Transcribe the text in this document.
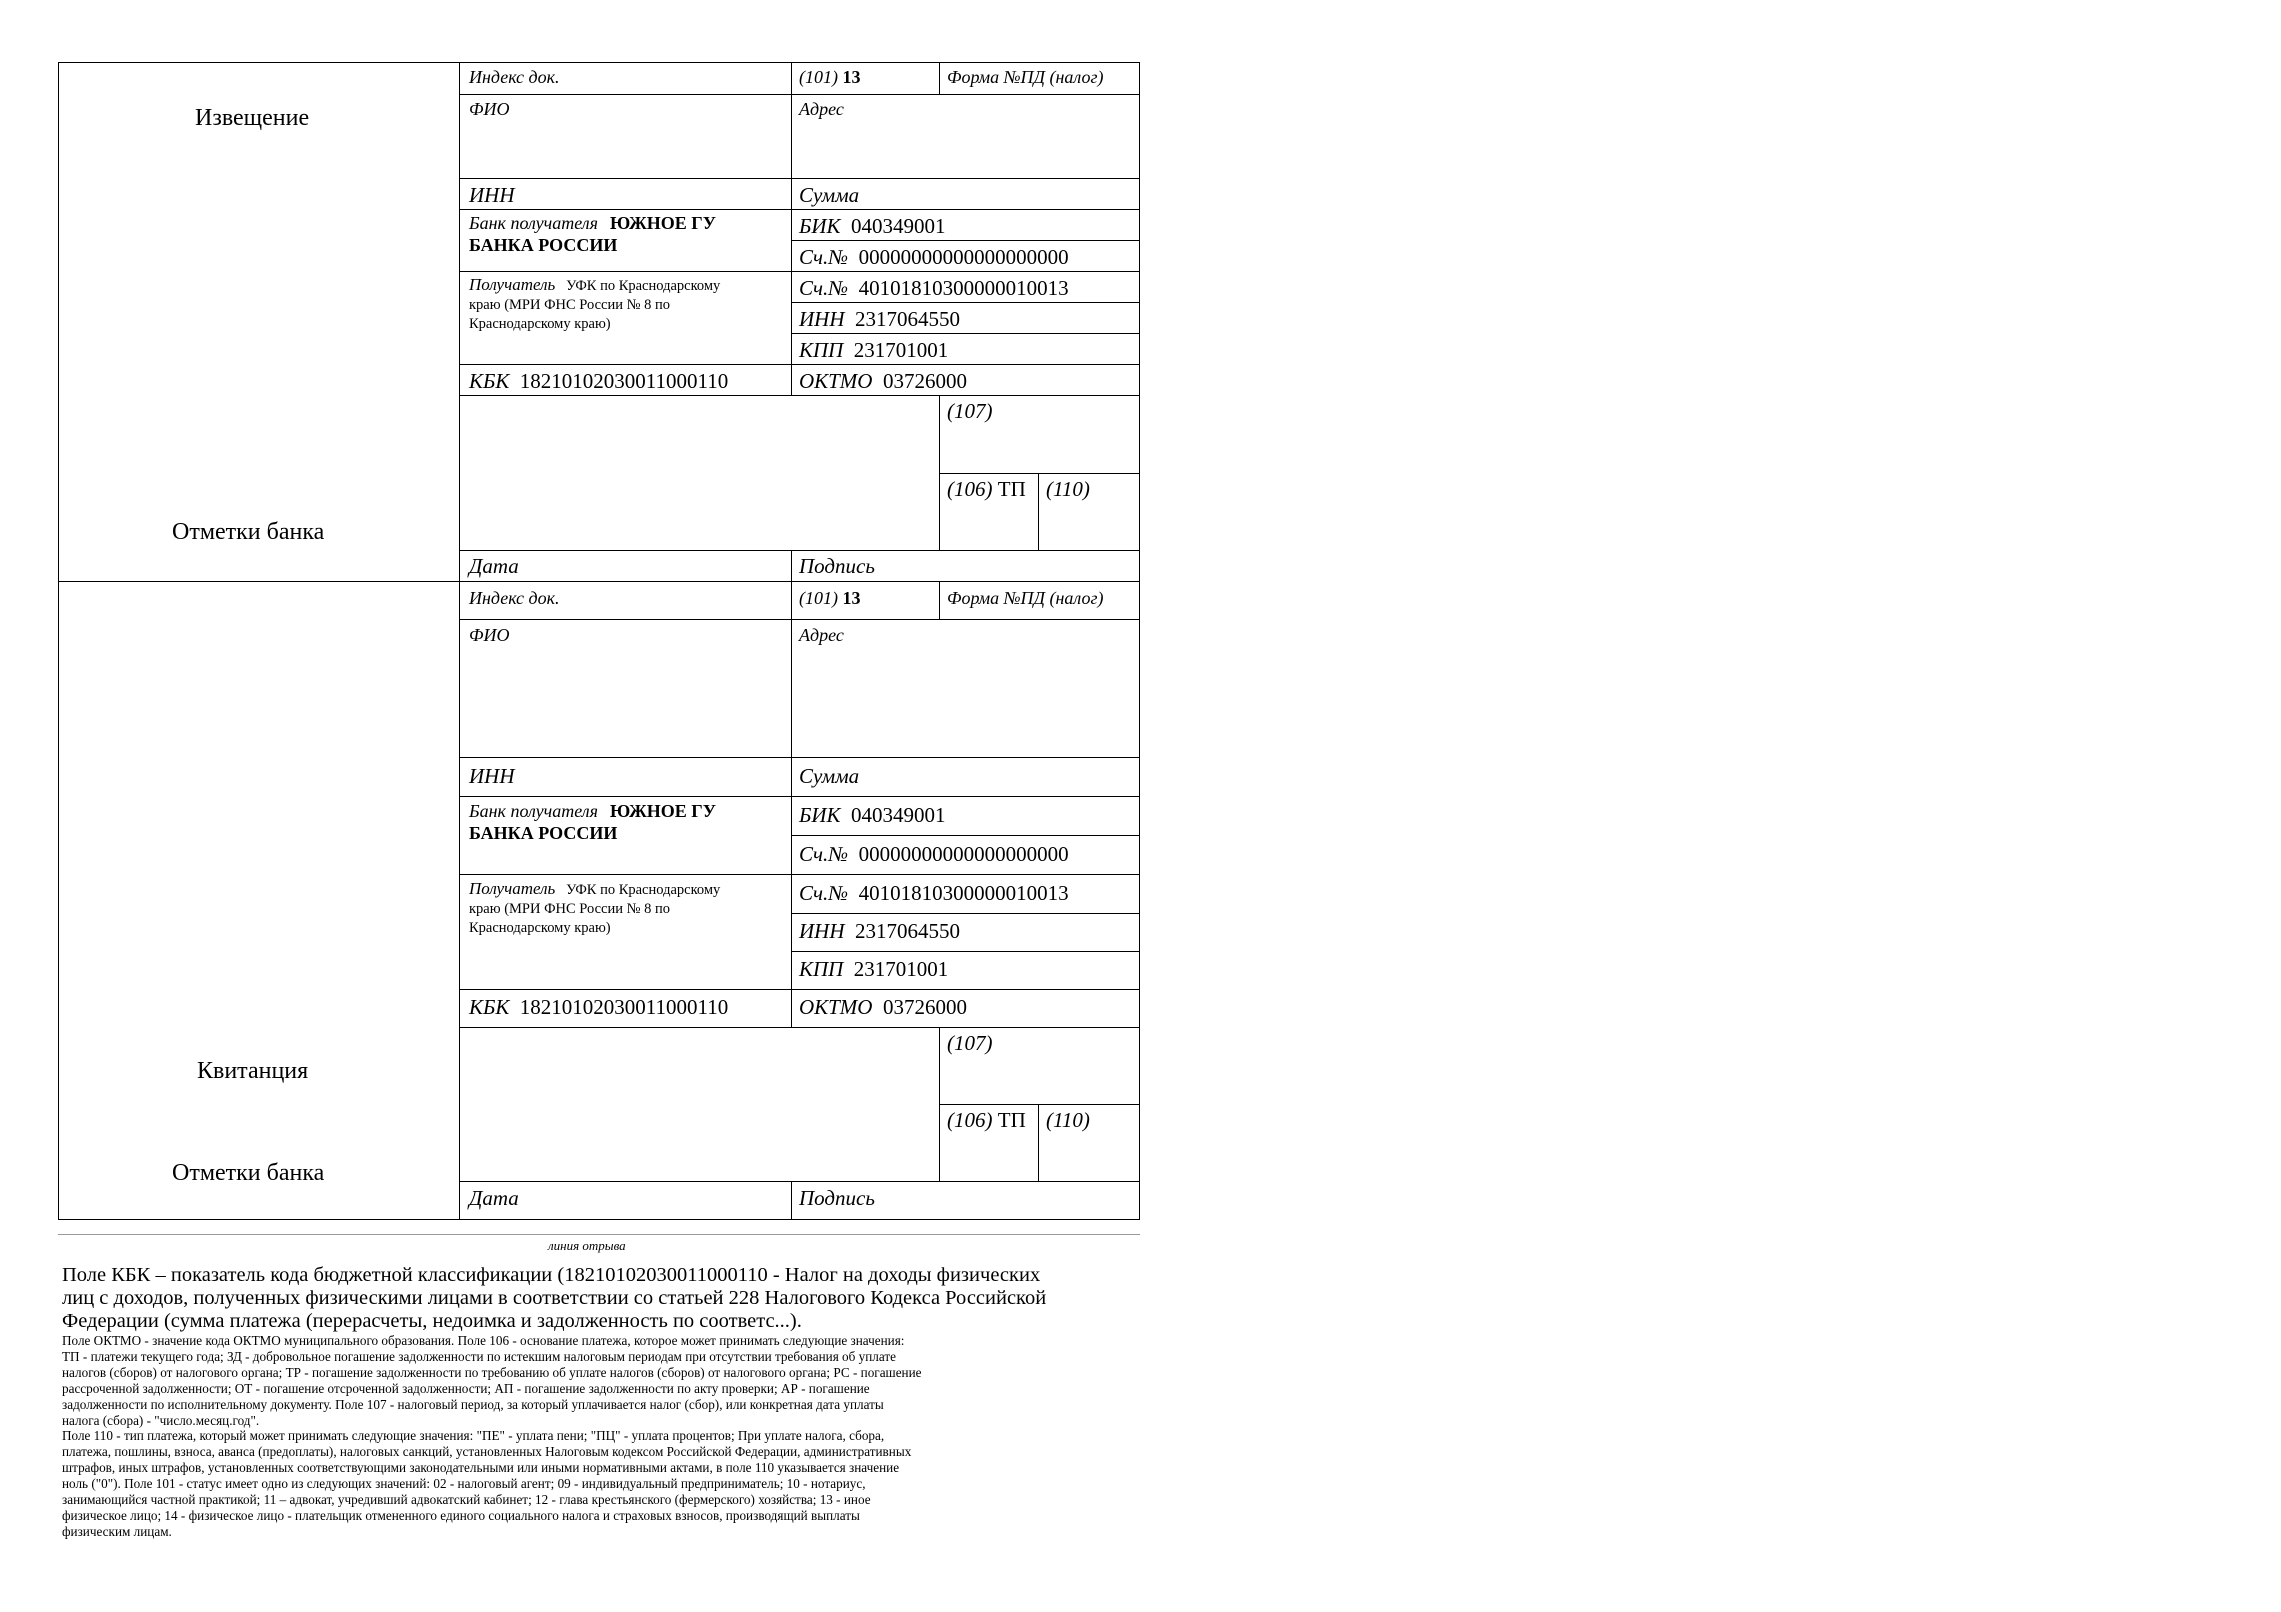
Извещение
Отметки банка
Индекс док.	(101) 13	Форма №ПД (налог)
ФИО	Адрес
ИНН	Сумма
Банк получателя ЮЖНОЕ ГУ
БАНКА РОССИИ
БИК 040349001
Сч.№ 00000000000000000000
Получатель УФК по Краснодарскому
краю (МРИ ФНС России № 8 по
Краснодарскому краю)
Сч.№ 40101810300000010013
ИНН 2317064550
КПП 231701001
КБК 18210102030011000110	ОКТМО 03726000
(107)
(106) ТП (110)
Дата	Подпись
Квитанция
Отметки банка
Индекс док.	(101) 13	Форма №ПД (налог)
ФИО	Адрес
ИНН	Сумма
Банк получателя ЮЖНОЕ ГУ
БАНКА РОССИИ
БИК 040349001
Сч.№ 00000000000000000000
Получатель УФК по Краснодарскому
краю (МРИ ФНС России № 8 по
Краснодарскому краю)
Сч.№ 40101810300000010013
ИНН 2317064550
КПП 231701001
КБК 18210102030011000110	ОКТМО 03726000
(107)
(106) ТП (110)
Дата	Подпись
линия отрыва
Поле КБК – показатель кода бюджетной классификации (18210102030011000110 - Налог на доходы физических
лиц с доходов, полученных физическими лицами в соответствии со статьей 228 Налогового Кодекса Российской
Федерации (сумма платежа (перерасчеты, недоимка и задолженность по соответс...).
Поле ОКТМО - значение кода ОКТМО муниципального образования. Поле 106 - основание платежа, которое может принимать следующие значения:
ТП - платежи текущего года; ЗД - добровольное погашение задолженности по истекшим налоговым периодам при отсутствии требования об уплате
налогов (сборов) от налогового органа; ТР - погашение задолженности по требованию об уплате налогов (сборов) от налогового органа; РС - погашение
рассроченной задолженности; ОТ - погашение отсроченной задолженности; АП - погашение задолженности по акту проверки; АР - погашение
задолженности по исполнительному документу. Поле 107 - налоговый период, за который уплачивается налог (сбор), или конкретная дата уплаты
налога (сбора) - "число.месяц.год".
Поле 110 - тип платежа, который может принимать следующие значения: "ПЕ" - уплата пени; "ПЦ" - уплата процентов; При уплате налога, сбора,
платежа, пошлины, взноса, аванса (предоплаты), налоговых санкций, установленных Налоговым кодексом Российской Федерации, административных
штрафов, иных штрафов, установленных соответствующими законодательными или иными нормативными актами, в поле 110 указывается значение
ноль ("0"). Поле 101 - статус имеет одно из следующих значений: 02 - налоговый агент; 09 - индивидуальный предприниматель; 10 - нотариус,
занимающийся частной практикой; 11 – адвокат, учредивший адвокатский кабинет; 12 - глава крестьянского (фермерского) хозяйства; 13 - иное
физическое лицо; 14 - физическое лицо - плательщик отмененного единого социального налога и страховых взносов, производящий выплаты
физическим лицам.
